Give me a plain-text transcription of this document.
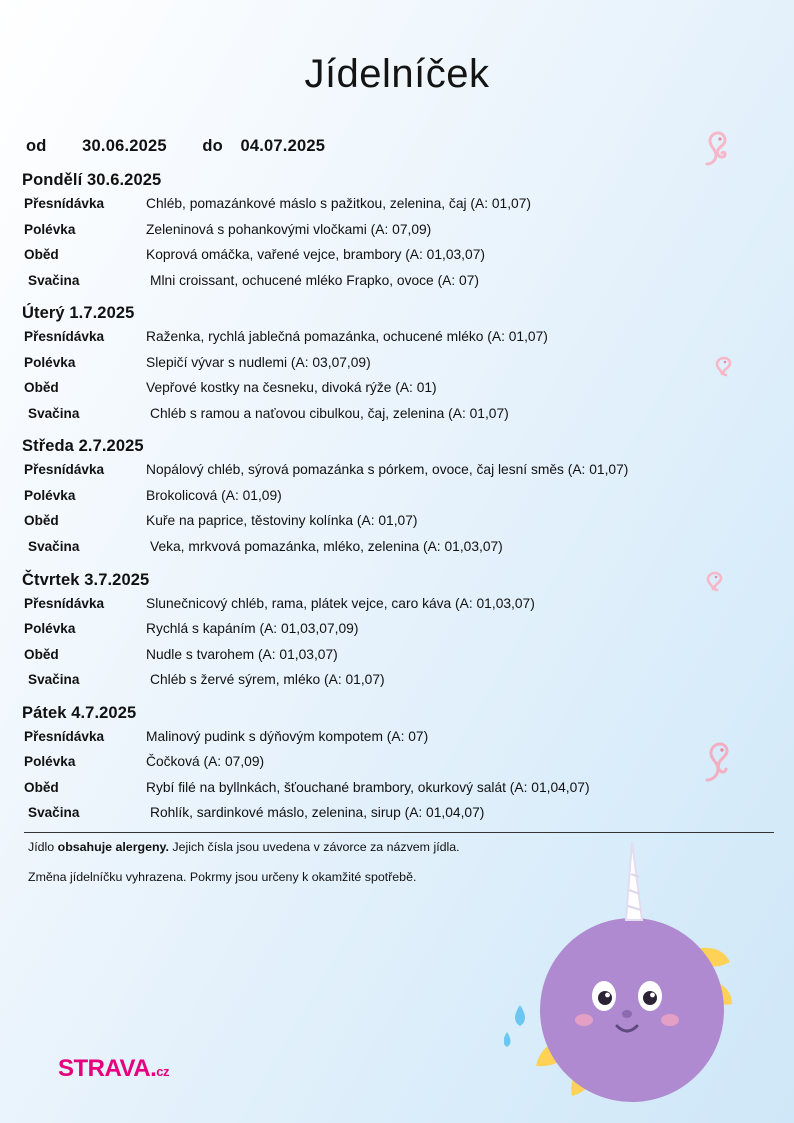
Jídelníček
od 30.06.2025 do 04.07.2025
Pondělí 30.6.2025
Přesnídávka	Chléb, pomazánkové máslo s pažitkou, zelenina, čaj (A: 01,07)
Polévka	Zeleninová s pohankovými vločkami (A: 07,09)
Oběd	Koprová omáčka, vařené vejce, brambory (A: 01,03,07)
Svačina	Mlni croissant, ochucené mléko Frapko, ovoce (A: 07)
Úterý 1.7.2025
Přesnídávka	Raženka, rychlá jablečná pomazánka, ochucené mléko (A: 01,07)
Polévka	Slepičí vývar s nudlemi (A: 03,07,09)
Oběd	Vepřové kostky na česneku, divoká rýže (A: 01)
Svačina	Chléb s ramou a naťovou cibulkou, čaj, zelenina (A: 01,07)
Středa 2.7.2025
Přesnídávka	Nopálový chléb, sýrová pomazánka s pórkem, ovoce, čaj lesní směs (A: 01,07)
Polévka	Brokolicová (A: 01,09)
Oběd	Kuře na paprice, těstoviny kolínka (A: 01,07)
Svačina	Veka, mrkvová pomazánka, mléko, zelenina (A: 01,03,07)
Čtvrtek 3.7.2025
Přesnídávka	Slunečnicový chléb, rama, plátek vejce, caro káva (A: 01,03,07)
Polévka	Rychlá s kapáním (A: 01,03,07,09)
Oběd	Nudle s tvarohem (A: 01,03,07)
Svačina	Chléb s žervé sýrem, mléko (A: 01,07)
Pátek 4.7.2025
Přesnídávka	Malinový pudink s dýňovým kompotem (A: 07)
Polévka	Čočková (A: 07,09)
Oběd	Rybí filé na byllnkách, šťouchané brambory, okurkový salát (A: 01,04,07)
Svačina	Rohlík, sardinkové máslo, zelenina, sirup (A: 01,04,07)
Jídlo obsahuje alergeny. Jejich čísla jsou uvedena v závorce za názvem jídla.
Změna jídelníčku vyhrazena. Pokrmy jsou určeny k okamžité spotřebě.
STRAVA.cz
